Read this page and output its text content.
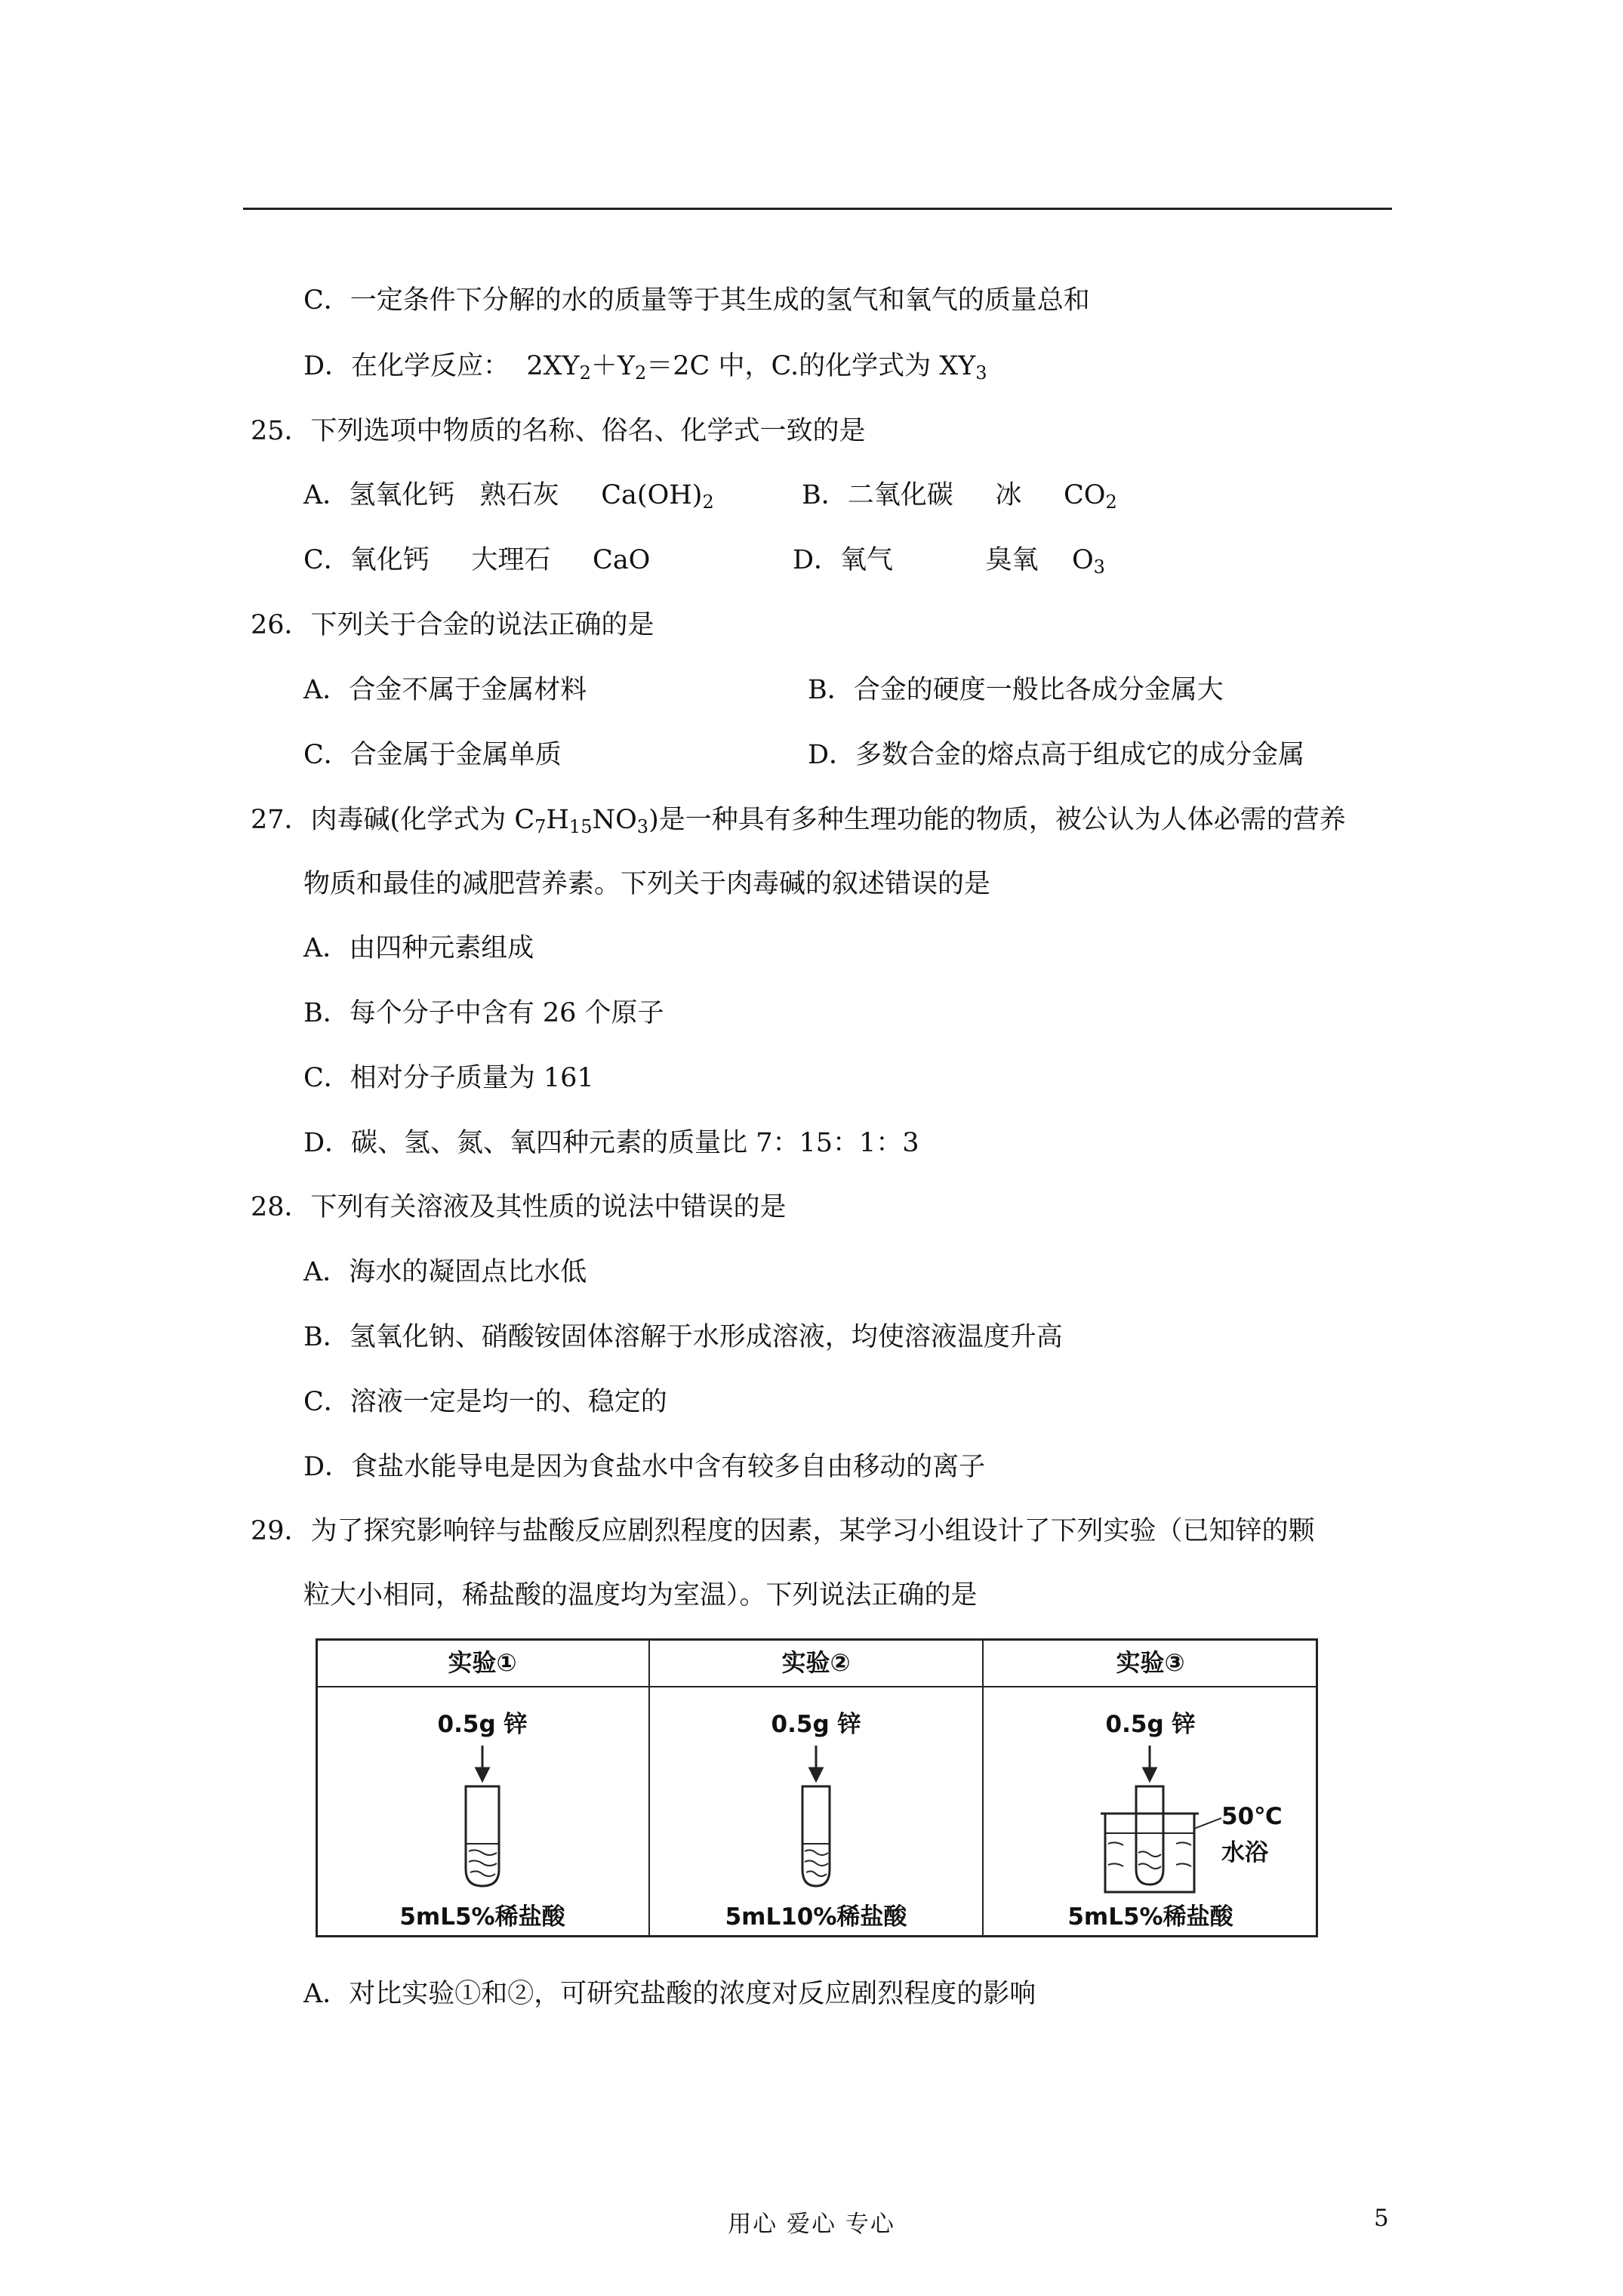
C．一定条件下分解的水的质量等于其生成的氢气和氧气的质量总和
D．在化学反应：  $2XY_2+Y_2=2C$ 中，C.的化学式为 $XY_3$
25．下列选项中物质的名称、俗名、化学式一致的是
A．氢氧化钙   熟石灰     $Ca(OH)_2$	B．二氧化碳     冰     $CO_2$
C．氧化钙     大理石     CaO	D．氧气           臭氧    $O_3$
26．下列关于合金的说法正确的是
A．合金不属于金属材料	B．合金的硬度一般比各成分金属大
C．合金属于金属单质	D．多数合金的熔点高于组成它的成分金属
27．肉毒碱(化学式为 $C_7H_{15}NO_3$)是一种具有多种生理功能的物质，被公认为人体必需的营养
物质和最佳的减肥营养素。下列关于肉毒碱的叙述错误的是
A．由四种元素组成
B．每个分子中含有 26 个原子
C．相对分子质量为 161
D．碳、氢、氮、氧四种元素的质量比 7：15：1：3
28．下列有关溶液及其性质的说法中错误的是
A．海水的凝固点比水低
B．氢氧化钠、硝酸铵固体溶解于水形成溶液，均使溶液温度升高
C．溶液一定是均一的、稳定的
D．食盐水能导电是因为食盐水中含有较多自由移动的离子
29．为了探究影响锌与盐酸反应剧烈程度的因素，某学习小组设计了下列实验（已知锌的颗
粒大小相同，稀盐酸的温度均为室温）。下列说法正确的是
实验①	实验②	实验③
0.5g 锌	0.5g 锌	0.5g 锌
5mL5%稀盐酸	5mL10%稀盐酸	5mL5%稀盐酸
50℃
水浴
A．对比实验①和②，可研究盐酸的浓度对反应剧烈程度的影响
用心 爱心 专心	5
